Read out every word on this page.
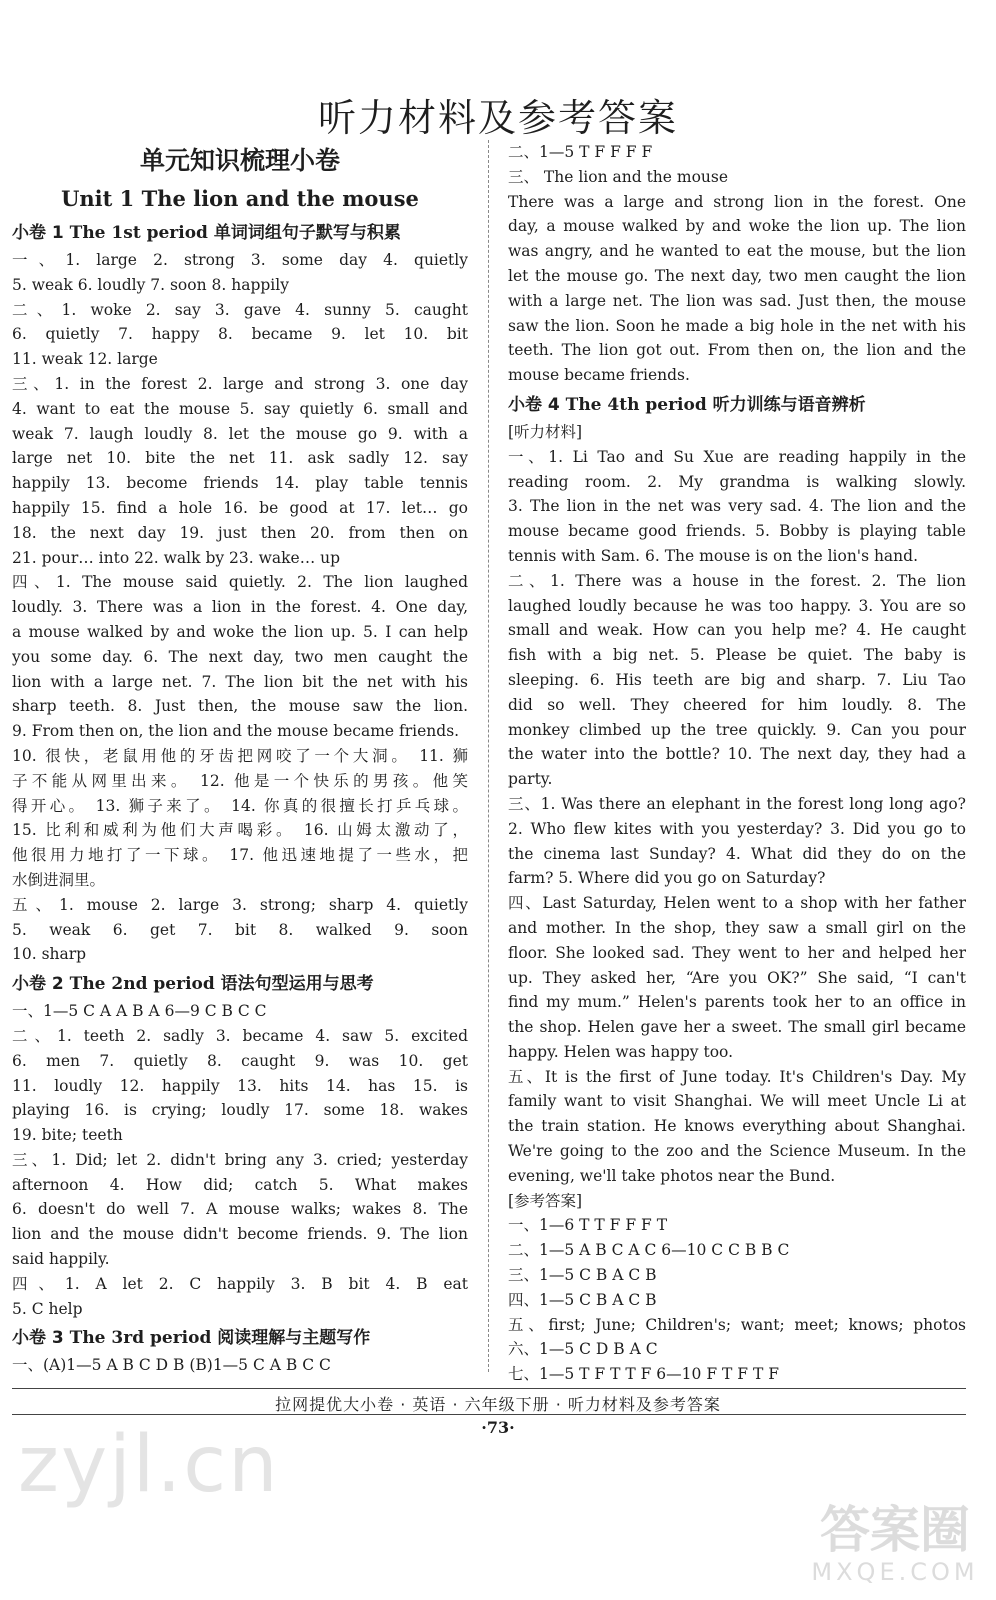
听力材料及参考答案
单元知识梳理小卷
Unit 1 The lion and the mouse
小卷 1 The 1st period 单词词组句子默写与积累
一、1. large 2. strong 3. some day 4. quietly
5. weak 6. loudly 7. soon 8. happily
二、1. woke 2. say 3. gave 4. sunny 5. caught
6. quietly 7. happy 8. became 9. let 10. bit
11. weak 12. large
三、1. in the forest 2. large and strong 3. one day
4. want to eat the mouse 5. say quietly 6. small and
weak 7. laugh loudly 8. let the mouse go 9. with a
large net 10. bite the net 11. ask sadly 12. say
happily 13. become friends 14. play table tennis
happily 15. find a hole 16. be good at 17. let… go
18. the next day 19. just then 20. from then on
21. pour… into 22. walk by 23. wake… up
四、1. The mouse said quietly. 2. The lion laughed
loudly. 3. There was a lion in the forest. 4. One day,
a mouse walked by and woke the lion up. 5. I can help
you some day. 6. The next day, two men caught the
lion with a large net. 7. The lion bit the net with his
sharp teeth. 8. Just then, the mouse saw the lion.
9. From then on, the lion and the mouse became friends.
10. 很快，老鼠用他的牙齿把网咬了一个大洞。 11. 狮
子不能从网里出来。 12. 他是一个快乐的男孩。他笑
得开心。 13. 狮子来了。 14. 你真的很擅长打乒乓球。
15. 比利和威利为他们大声喝彩。 16. 山姆太激动了，
他很用力地打了一下球。 17. 他迅速地提了一些水，把
水倒进洞里。
五、1. mouse 2. large 3. strong; sharp 4. quietly
5. weak 6. get 7. bit 8. walked 9. soon
10. sharp
小卷 2 The 2nd period 语法句型运用与思考
一、1—5 C A A B A 6—9 C B C C
二、1. teeth 2. sadly 3. became 4. saw 5. excited
6. men 7. quietly 8. caught 9. was 10. get
11. loudly 12. happily 13. hits 14. has 15. is
playing 16. is crying; loudly 17. some 18. wakes
19. bite; teeth
三、1. Did; let 2. didn't bring any 3. cried; yesterday
afternoon 4. How did; catch 5. What makes
6. doesn't do well 7. A mouse walks; wakes 8. The
lion and the mouse didn't become friends. 9. The lion
said happily.
四、1. A let 2. C happily 3. B bit 4. B eat
5. C help
小卷 3 The 3rd period 阅读理解与主题写作
一、(A)1—5 A B C D B (B)1—5 C A B C C
二、1—5 T F F F F
三、 The lion and the mouse
There was a large and strong lion in the forest. One
day, a mouse walked by and woke the lion up. The lion
was angry, and he wanted to eat the mouse, but the lion
let the mouse go. The next day, two men caught the lion
with a large net. The lion was sad. Just then, the mouse
saw the lion. Soon he made a big hole in the net with his
teeth. The lion got out. From then on, the lion and the
mouse became friends.
小卷 4 The 4th period 听力训练与语音辨析
[听力材料]
一、1. Li Tao and Su Xue are reading happily in the
reading room. 2. My grandma is walking slowly.
3. The lion in the net was very sad. 4. The lion and the
mouse became good friends. 5. Bobby is playing table
tennis with Sam. 6. The mouse is on the lion's hand.
二、1. There was a house in the forest. 2. The lion
laughed loudly because he was too happy. 3. You are so
small and weak. How can you help me? 4. He caught
fish with a big net. 5. Please be quiet. The baby is
sleeping. 6. His teeth are big and sharp. 7. Liu Tao
did so well. They cheered for him loudly. 8. The
monkey climbed up the tree quickly. 9. Can you pour
the water into the bottle? 10. The next day, they had a
party.
三、1. Was there an elephant in the forest long long ago?
2. Who flew kites with you yesterday? 3. Did you go to
the cinema last Sunday? 4. What did they do on the
farm? 5. Where did you go on Saturday?
四、Last Saturday, Helen went to a shop with her father
and mother. In the shop, they saw a small girl on the
floor. She looked sad. They went to her and helped her
up. They asked her, “Are you OK?” She said, “I can't
find my mum.” Helen's parents took her to an office in
the shop. Helen gave her a sweet. The small girl became
happy. Helen was happy too.
五、It is the first of June today. It's Children's Day. My
family want to visit Shanghai. We will meet Uncle Li at
the train station. He knows everything about Shanghai.
We're going to the zoo and the Science Museum. In the
evening, we'll take photos near the Bund.
[参考答案]
一、1—6 T T F F F T
二、1—5 A B C A C 6—10 C C B B C
三、1—5 C B A C B
四、1—5 C B A C B
五、first; June; Children's; want; meet; knows; photos
六、1—5 C D B A C
七、1—5 T F T T F 6—10 F T F T F
拉网提优大小卷 · 英语 · 六年级下册 · 听力材料及参考答案
·73·
zyjl.cn
答案圈
MXQE.COM
